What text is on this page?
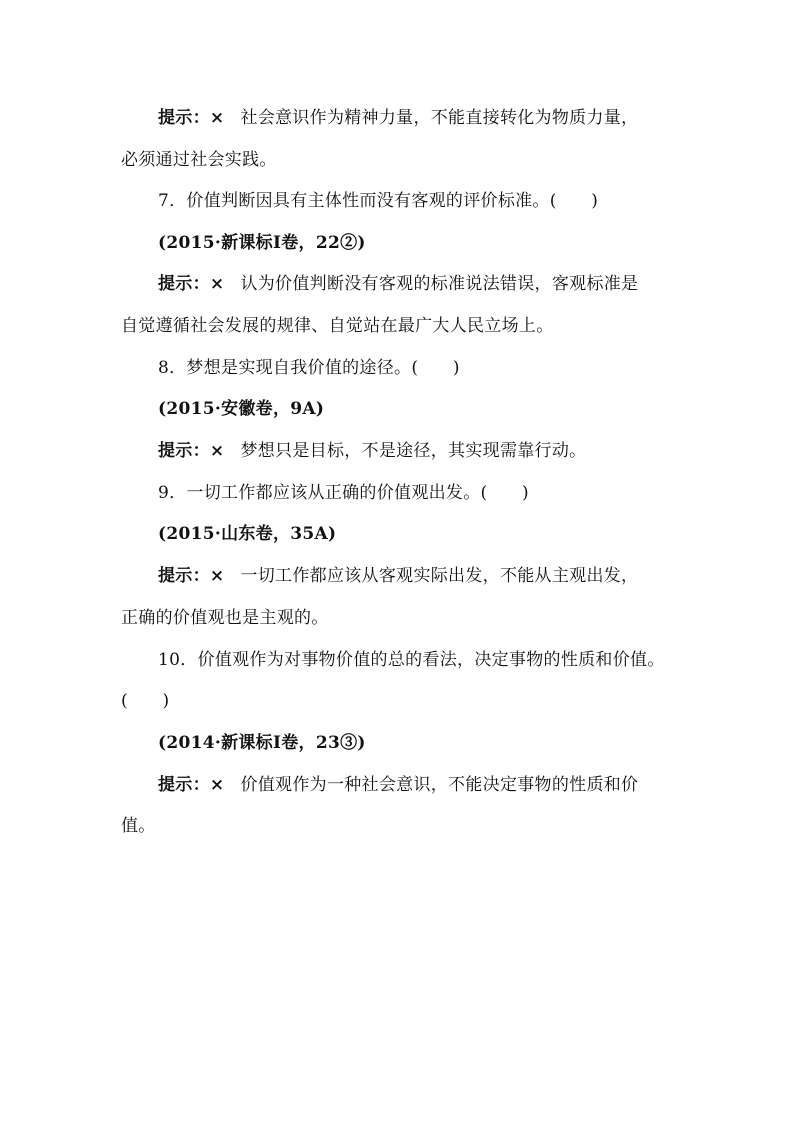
提示：× 社会意识作为精神力量，不能直接转化为物质力量，
必须通过社会实践。
7．价值判断因具有主体性而没有客观的评价标准。(　　)
(2015·新课标Ⅰ卷，22②)
提示：× 认为价值判断没有客观的标准说法错误，客观标准是
自觉遵循社会发展的规律、自觉站在最广大人民立场上。
8．梦想是实现自我价值的途径。(　　)
(2015·安徽卷，9A)
提示：× 梦想只是目标，不是途径，其实现需靠行动。
9．一切工作都应该从正确的价值观出发。(　　)
(2015·山东卷，35A)
提示：× 一切工作都应该从客观实际出发，不能从主观出发，
正确的价值观也是主观的。
10．价值观作为对事物价值的总的看法，决定事物的性质和价值。
(　　)
(2014·新课标Ⅰ卷，23③)
提示：× 价值观作为一种社会意识，不能决定事物的性质和价
值。
